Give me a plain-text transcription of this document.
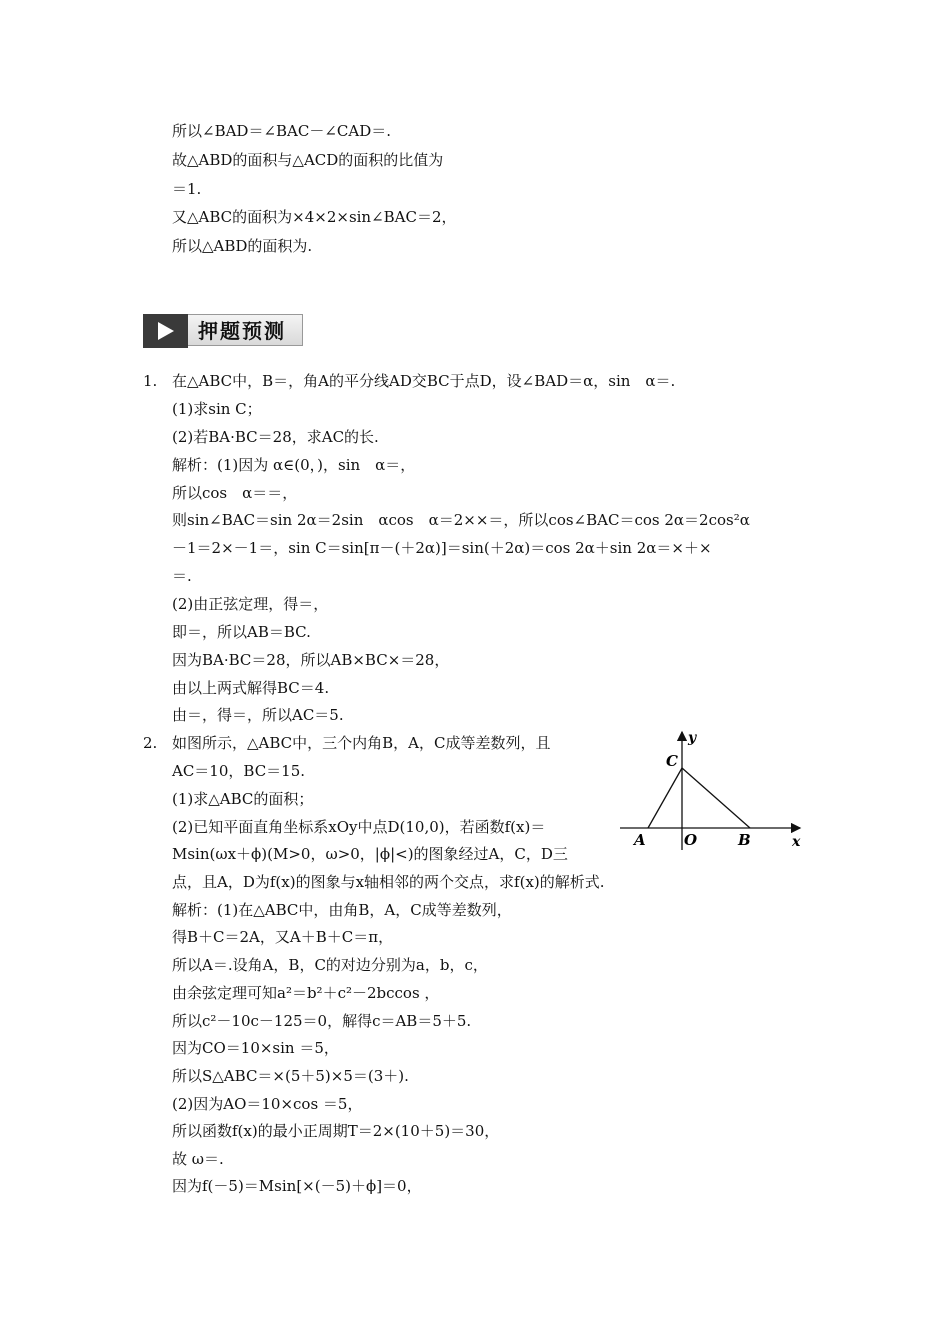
所以∠BAD＝∠BAC－∠CAD＝.
故△ABD的面积与△ACD的面积的比值为
＝1.
又△ABC的面积为×4×2×sin∠BAC＝2，
所以△ABD的面积为.
押题预测
1. 在△ABC中，B＝，角A的平分线AD交BC于点D，设∠BAD＝α，sin　α＝.
(1)求sin C；
(2)若BA·BC＝28，求AC的长.
解析：(1)因为 α∈(0，)，sin　α＝，
所以cos　α＝＝，
则sin∠BAC＝sin 2α＝2sin　αcos　α＝2××＝，所以cos∠BAC＝cos 2α＝2cos²α
－1＝2×－1＝，sin C＝sin[π－(＋2α)]＝sin(＋2α)＝cos 2α＋sin 2α＝×＋×
＝.
(2)由正弦定理，得＝，
即＝，所以AB＝BC.
因为BA·BC＝28，所以AB×BC×＝28，
由以上两式解得BC＝4.
由＝，得＝，所以AC＝5.
2. 如图所示，△ABC中，三个内角B，A，C成等差数列，且
AC＝10，BC＝15.
(1)求△ABC的面积；
(2)已知平面直角坐标系xOy中点D(10,0)，若函数f(x)＝
Msin(ωx＋ϕ)(M>0，ω>0，|ϕ|<)的图象经过A，C，D三
点，且A，D为f(x)的图象与x轴相邻的两个交点，求f(x)的解析式.
解析：(1)在△ABC中，由角B，A，C成等差数列，
得B＋C＝2A，又A＋B＋C＝π，
所以A＝.设角A，B，C的对边分别为a，b，c，
由余弦定理可知a²＝b²＋c²－2bccos ，
所以c²－10c－125＝0，解得c＝AB＝5＋5.
因为CO＝10×sin ＝5，
所以S△ABC＝×(5＋5)×5＝(3＋).
(2)因为AO＝10×cos ＝5，
所以函数f(x)的最小正周期T＝2×(10＋5)＝30，
故 ω＝.
因为f(－5)＝Msin[×(－5)＋ϕ]＝0，
y
C
A	O	B	x
